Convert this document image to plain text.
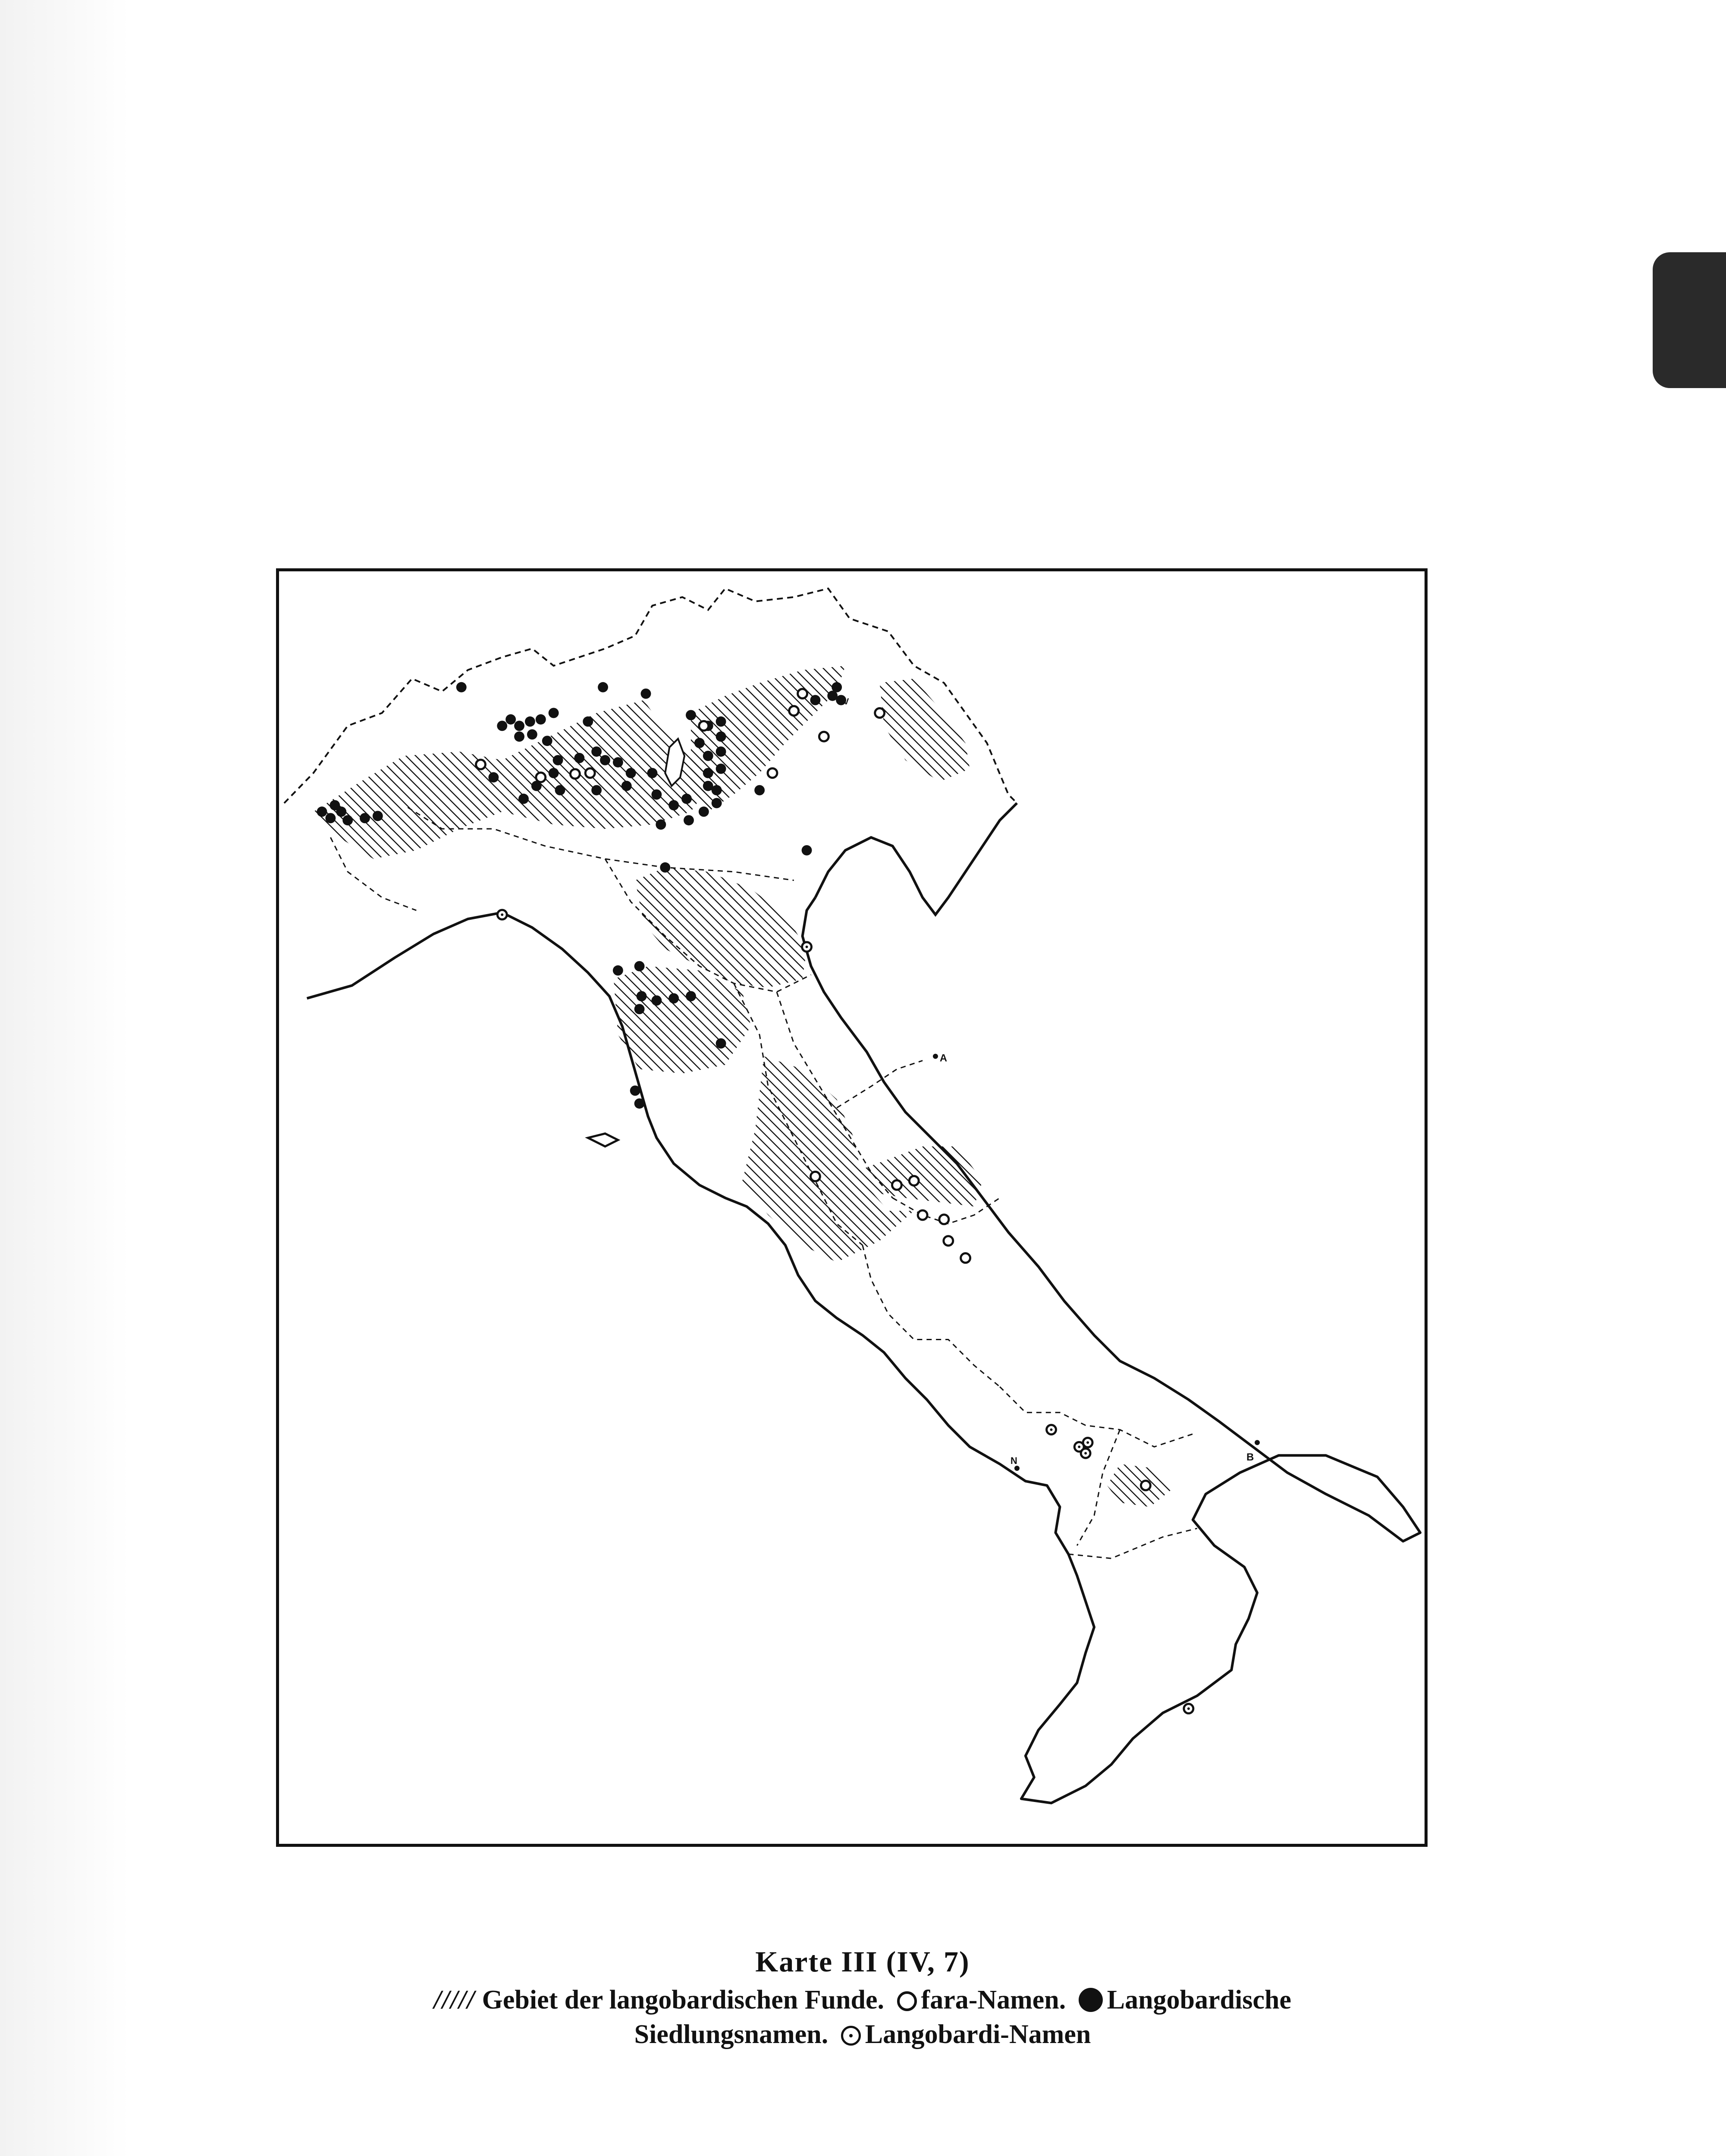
A
B
N
V
Karte III (IV, 7)
///// Gebiet der langobardischen Funde. fara-Namen. Langobardische
Siedlungsnamen. Langobardi-Namen
